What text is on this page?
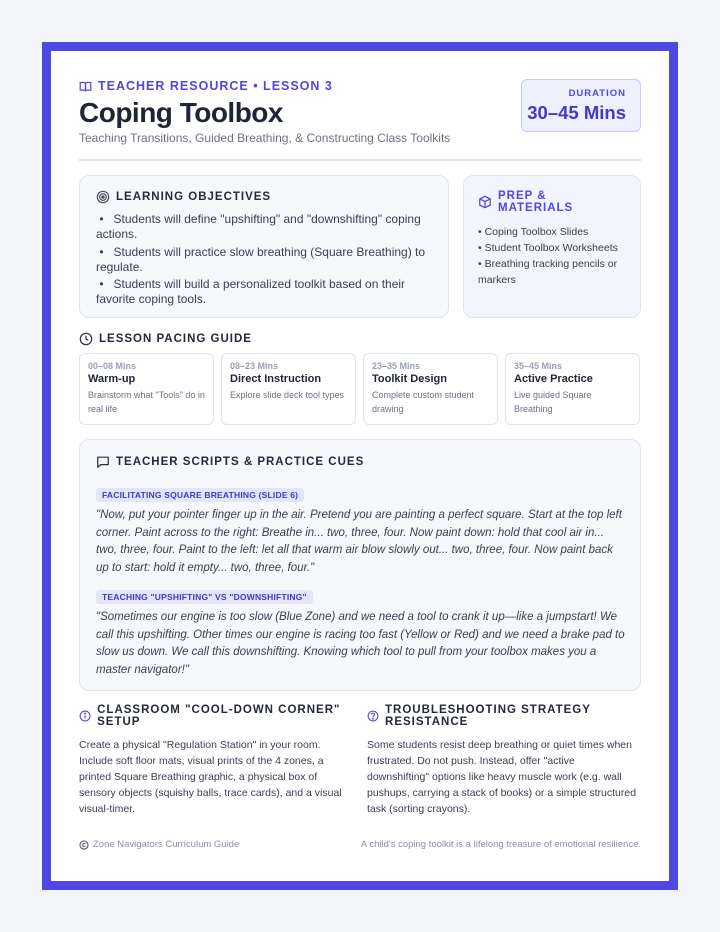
TEACHER RESOURCE • LESSON 3
Coping Toolbox
Teaching Transitions, Guided Breathing, & Constructing Class Toolkits
DURATION
30–45 Mins
LEARNING OBJECTIVES
•   Students will define "upshifting" and "downshifting" coping actions.
•   Students will practice slow breathing (Square Breathing) to regulate.
•   Students will build a personalized toolkit based on their favorite coping tools.
PREP & MATERIALS
• Coping Toolbox Slides
• Student Toolbox Worksheets
• Breathing tracking pencils or markers
LESSON PACING GUIDE
00–08 Mins
Warm-up
Brainstorm what "Tools" do in real life
08–23 Mins
Direct Instruction
Explore slide deck tool types
23–35 Mins
Toolkit Design
Complete custom student drawing
35–45 Mins
Active Practice
Live guided Square Breathing
TEACHER SCRIPTS & PRACTICE CUES
FACILITATING SQUARE BREATHING (SLIDE 6)
"Now, put your pointer finger up in the air. Pretend you are painting a perfect square. Start at the top left corner. Paint across to the right: Breathe in... two, three, four. Now paint down: hold that cool air in... two, three, four. Paint to the left: let all that warm air blow slowly out... two, three, four. Now paint back up to start: hold it empty... two, three, four."
TEACHING "UPSHIFTING" VS "DOWNSHIFTING"
"Sometimes our engine is too slow (Blue Zone) and we need a tool to crank it up—like a jumpstart! We call this upshifting. Other times our engine is racing too fast (Yellow or Red) and we need a brake pad to slow us down. We call this downshifting. Knowing which tool to pull from your toolbox makes you a master navigator!"
CLASSROOM "COOL-DOWN CORNER" SETUP

Create a physical "Regulation Station" in your room. Include soft floor mats, visual prints of the 4 zones, a printed Square Breathing graphic, a physical box of sensory objects (squishy balls, trace cards), and a visual visual-timer.

TROUBLESHOOTING STRATEGY RESISTANCE

Some students resist deep breathing or quiet times when frustrated. Do not push. Instead, offer "active downshifting" options like heavy muscle work (e.g. wall pushups, carrying a stack of books) or a simple structured task (sorting crayons).

Zone Navigators Curriculum Guide	A child's coping toolkit is a lifelong treasure of emotional resilience.
